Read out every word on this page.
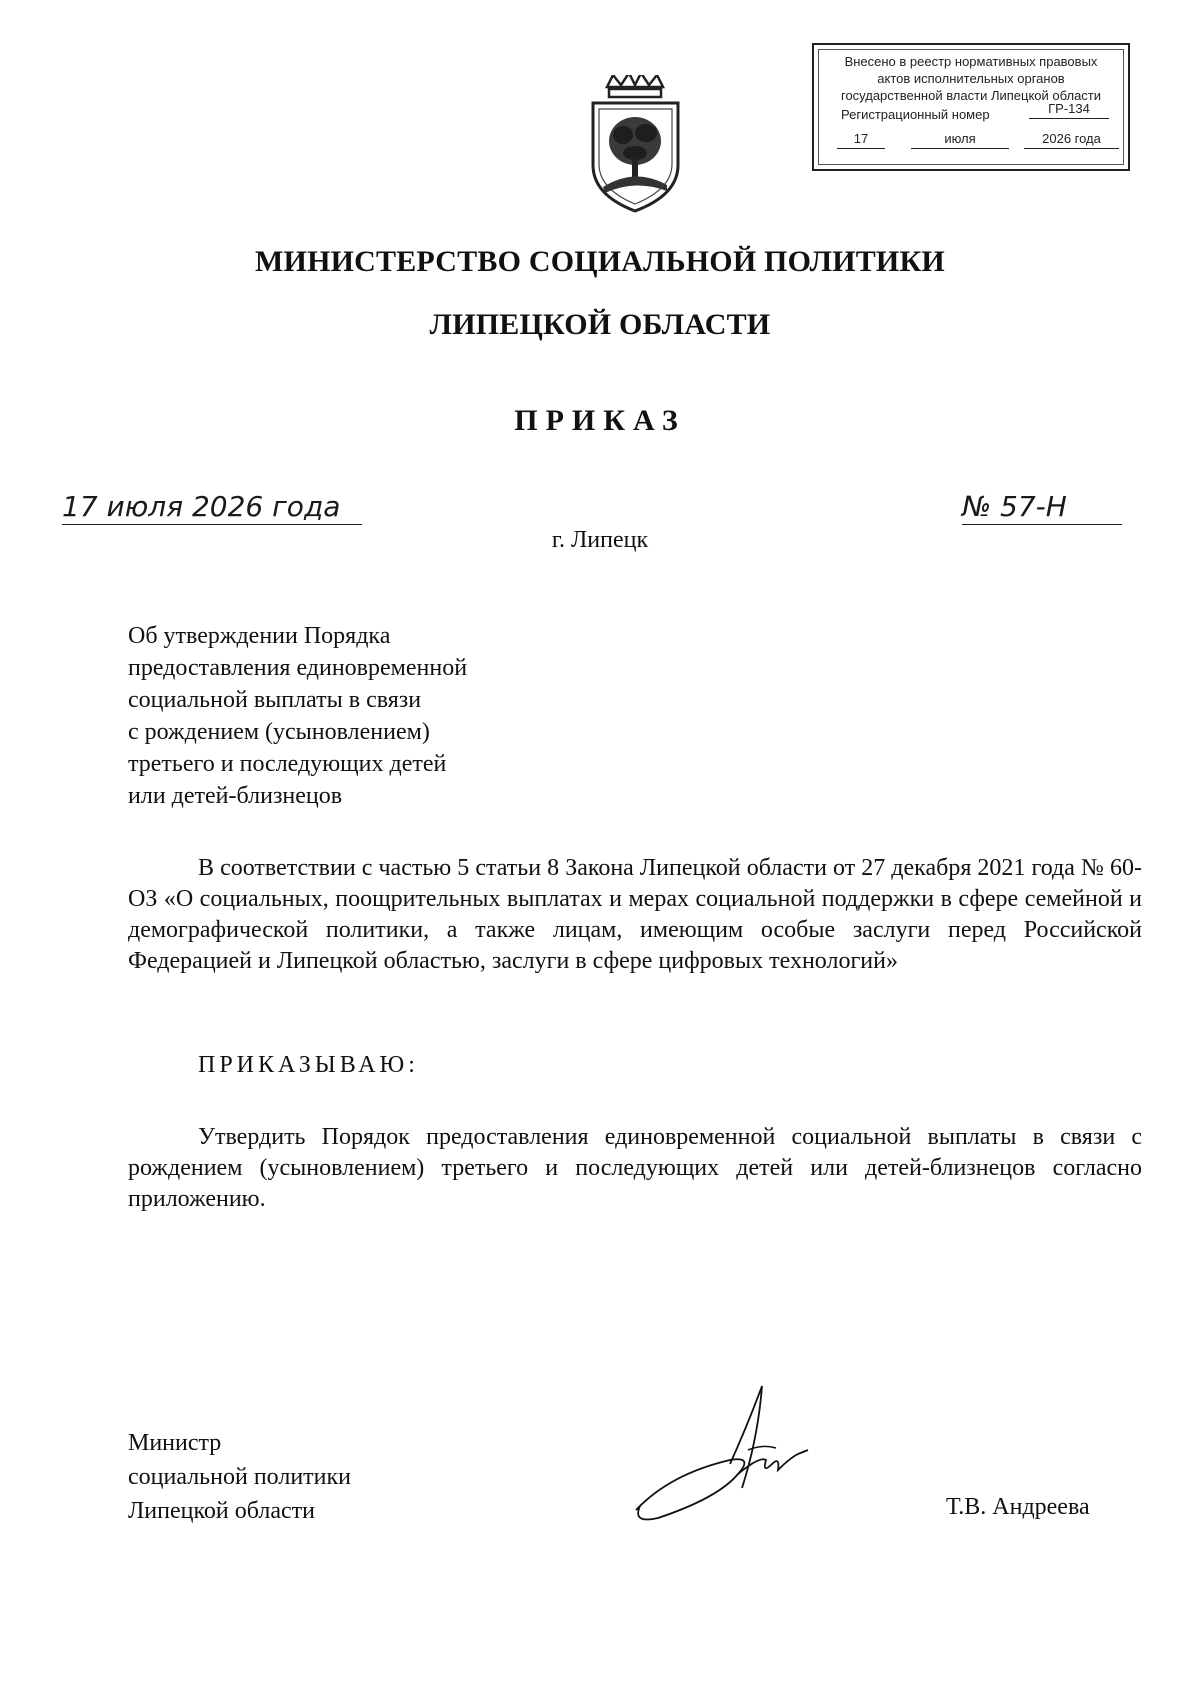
Внесено в реестр нормативных правовых
актов исполнительных органов
государственной власти Липецкой области
Регистрационный номер	ГР-134
17	июля	2026 года
МИНИСТЕРСТВО СОЦИАЛЬНОЙ ПОЛИТИКИ
ЛИПЕЦКОЙ ОБЛАСТИ
ПРИКАЗ
17 июля 2026 года	№ 57-Н
г. Липецк
Об утверждении Порядка
предоставления единовременной
социальной выплаты в связи
с рождением (усыновлением)
третьего и последующих детей
или детей-близнецов
В соответствии с частью 5 статьи 8 Закона Липецкой области от 27 декабря 2021 года № 60-ОЗ «О социальных, поощрительных выплатах и мерах социальной поддержки в сфере семейной и демографической политики, а также лицам, имеющим особые заслуги перед Российской Федерацией и Липецкой областью, заслуги в сфере цифровых технологий»
ПРИКАЗЫВАЮ:
Утвердить Порядок предоставления единовременной социальной выплаты в связи с рождением (усыновлением) третьего и последующих детей или детей-близнецов согласно приложению.
Министр
социальной политики
Липецкой области	Т.В. Андреева
